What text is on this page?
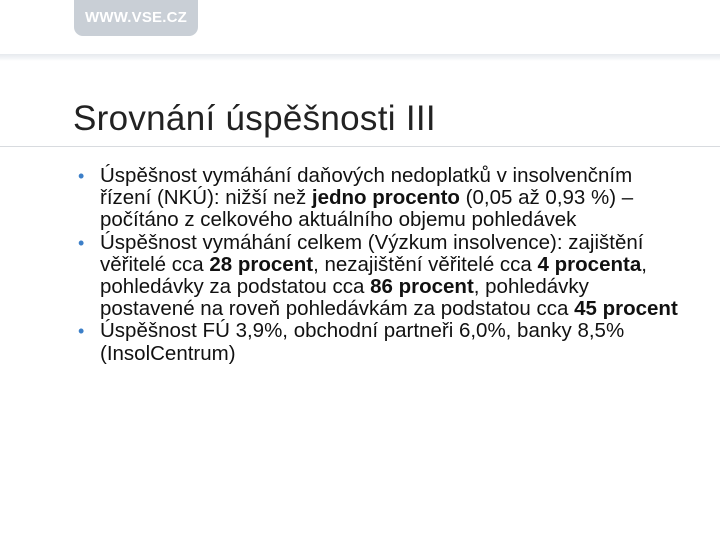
WWW.VSE.CZ
Srovnání úspěšnosti III
• Úspěšnost vymáhání daňových nedoplatků v insolvenčním řízení (NKÚ): nižší než jedno procento (0,05 až 0,93 %) – počítáno z celkového aktuálního objemu pohledávek
• Úspěšnost vymáhání celkem (Výzkum insolvence): zajištění věřitelé cca 28 procent, nezajištění věřitelé cca 4 procenta, pohledávky za podstatou cca 86 procent, pohledávky postavené na roveň pohledávkám za podstatou cca 45 procent
• Úspěšnost FÚ 3,9%, obchodní partneři 6,0%, banky 8,5% (InsolCentrum)
